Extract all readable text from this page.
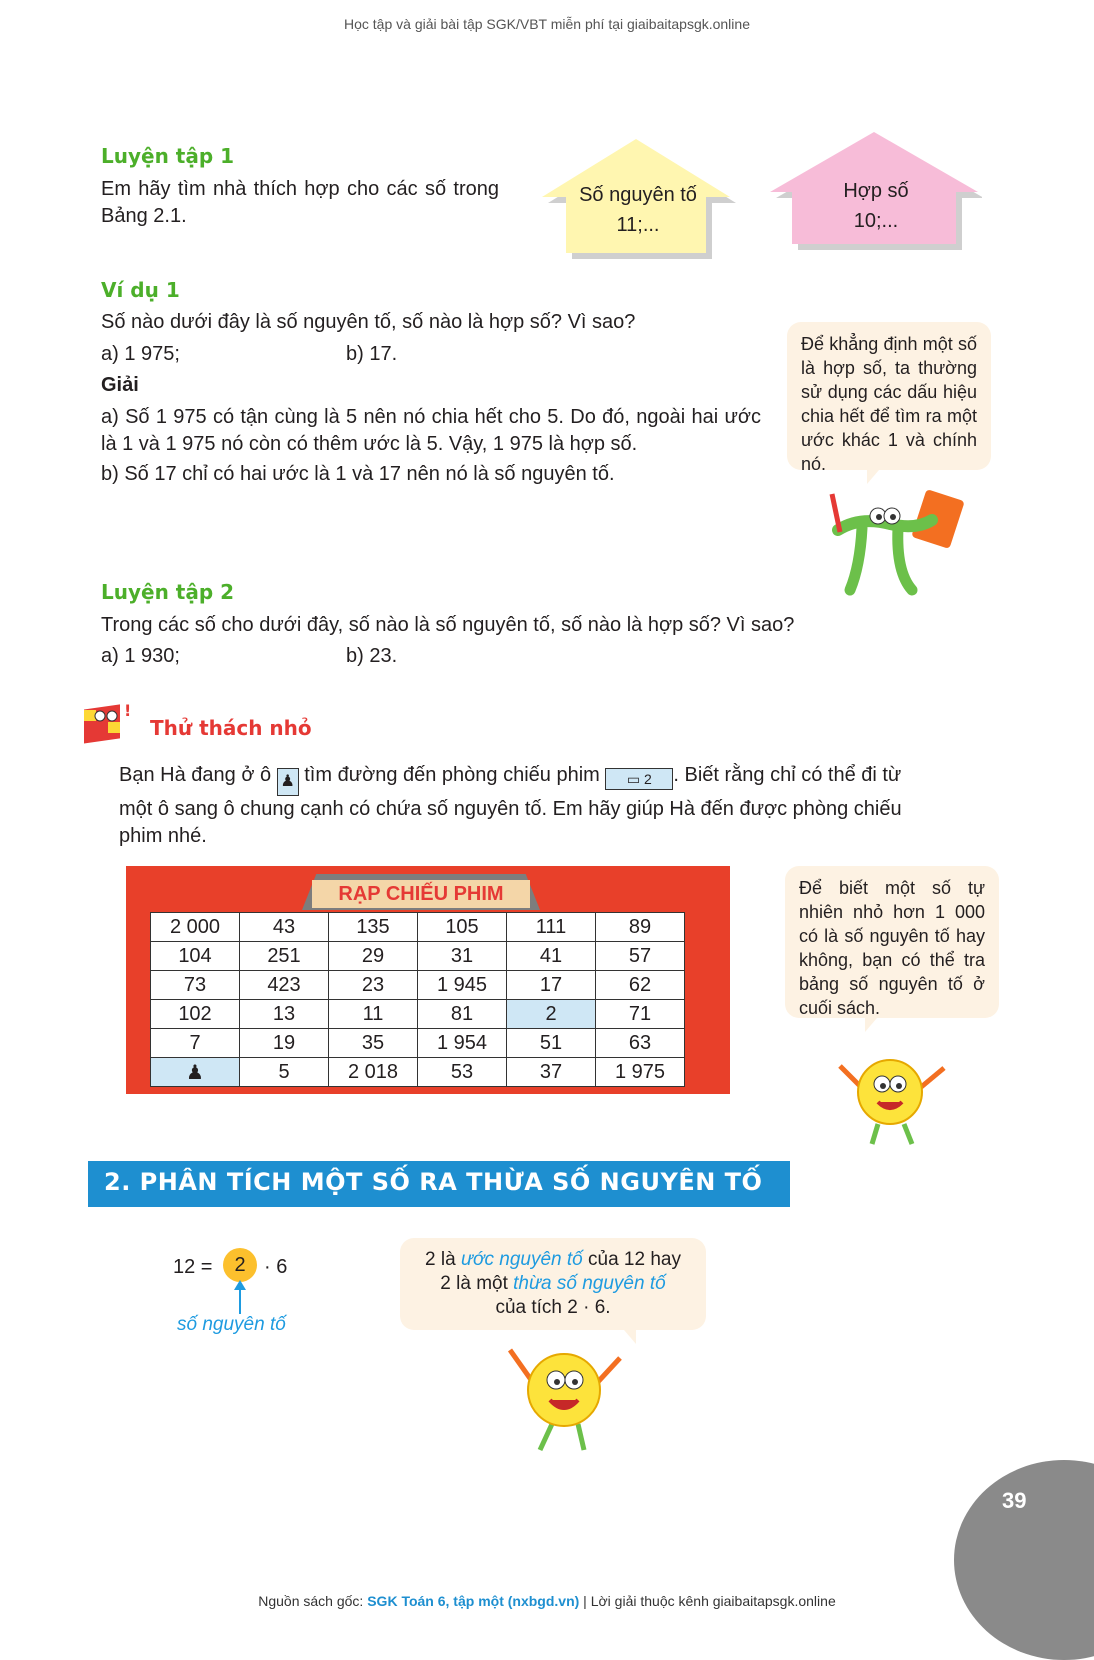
Học tập và giải bài tập SGK/VBT miễn phí tại giaibaitapsgk.online
Luyện tập 1
Em hãy tìm nhà thích hợp cho các số trong Bảng 2.1.
Số nguyên tố
11;...
Hợp số
10;...
Ví dụ 1
Số nào dưới đây là số nguyên tố, số nào là hợp số? Vì sao?
a) 1 975;	b) 17.
Giải
a) Số 1 975 có tận cùng là 5 nên nó chia hết cho 5. Do đó, ngoài hai ước là 1 và 1 975 nó còn có thêm ước là 5. Vậy, 1 975 là hợp số.
b) Số 17 chỉ có hai ước là 1 và 17 nên nó là số nguyên tố.
Để khẳng định một số là hợp số, ta thường sử dụng các dấu hiệu chia hết để tìm ra một ước khác 1 và chính nó.
Luyện tập 2
Trong các số cho dưới đây, số nào là số nguyên tố, số nào là hợp số? Vì sao?
a) 1 930;	b) 23.
!
Thử thách nhỏ
Bạn Hà đang ở ô ♟ tìm đường đến phòng chiếu phim ▭ 2 . Biết rằng chỉ có thể đi từ
một ô sang ô chung cạnh có chứa số nguyên tố. Em hãy giúp Hà đến được phòng chiếu
phim nhé.
RẠP CHIẾU PHIM
2 000	43	135	105	111	89
104	251	29	31	41	57
73	423	23	1 945	17	62
102	13	11	81	2	71
7	19	35	1 954	51	63
♟	5	2 018	53	37	1 975
Để biết một số tự nhiên nhỏ hơn 1 000 có là số nguyên tố hay không, bạn có thể tra bảng số nguyên tố ở cuối sách.
2. PHÂN TÍCH MỘT SỐ RA THỪA SỐ NGUYÊN TỐ
12 =	2 · 6
số nguyên tố
2 là ước nguyên tố của 12 hay
2 là một thừa số nguyên tố
của tích 2 · 6.
39
Nguồn sách gốc: SGK Toán 6, tập một (nxbgd.vn) | Lời giải thuộc kênh giaibaitapsgk.online
